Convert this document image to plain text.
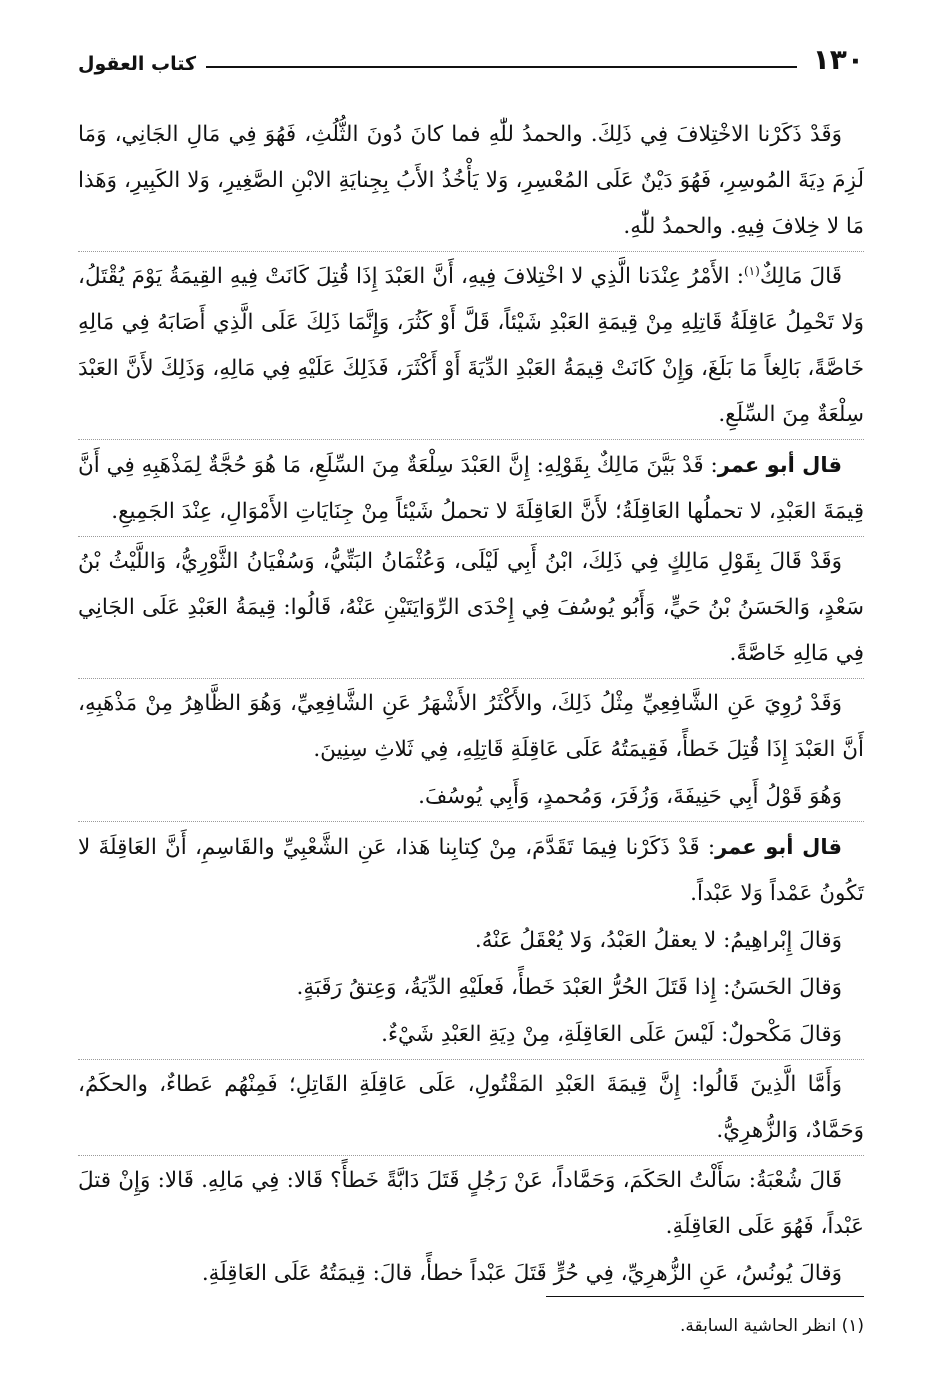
١٣٠
كتاب العقول

وَقَدْ ذَكَرْنا الاخْتِلافَ فِي ذَلِكَ. والحمدُ للّٰهِ فما كانَ دُونَ الثُّلُثِ، فَهُوَ فِي مَالِ الجَانِي، وَمَا لَزِمَ دِيَةَ المُوسِرِ، فَهُوَ دَيْنٌ عَلَى المُعْسِرِ، وَلا يَأْخُذُ الأَبُ بِجِنايَةِ الابْنِ الصَّغِيرِ، وَلا الكَبِيرِ، وَهَذا مَا لا خِلافَ فِيهِ. والحمدُ للّٰهِ.

قَالَ مَالِكٌ$^{(١)}$: الأَمْرُ عِنْدَنا الَّذِي لا اخْتِلافَ فِيهِ، أَنَّ العَبْدَ إِذَا قُتِلَ كَانَتْ فِيهِ القِيمَةُ يَوْمَ يُقْتَلُ، وَلا تَحْمِلُ عَاقِلَةُ قَاتِلِهِ مِنْ قِيمَةِ العَبْدِ شَيْئاً، قَلَّ أَوْ كَثُرَ، وَإِنَّمَا ذَلِكَ عَلَى الَّذِي أَصَابَهُ فِي مَالِهِ خَاصَّةً، بَالِغاً مَا بَلَغَ، وَإِنْ كَانَتْ قِيمَةُ العَبْدِ الدِّيَةَ أَوْ أَكْثَرَ، فَذَلِكَ عَلَيْهِ فِي مَالِهِ، وَذَلِكَ لأَنَّ العَبْدَ سِلْعَةٌ مِنَ السِّلَعِ.

قال أبو عمر: قَدْ بَيَّنَ مَالِكٌ بِقَوْلِهِ: إِنَّ العَبْدَ سِلْعَةٌ مِنَ السِّلَعِ، مَا هُوَ حُجَّةٌ لِمَذْهَبِهِ فِي أَنَّ قِيمَةَ العَبْدِ، لا تحملُها العَاقِلَةُ؛ لأَنَّ العَاقِلَةَ لا تحملُ شَيْئاً مِنْ جِنَايَاتِ الأَمْوَالِ، عِنْدَ الجَمِيعِ.

وَقَدْ قَالَ بِقَوْلِ مَالِكٍ فِي ذَلِكَ، ابْنُ أَبِي لَيْلَى، وَعُثْمَانُ البَتِّيُّ، وَسُفْيَانُ الثَّوْرِيُّ، وَاللَّيْثُ بْنُ سَعْدٍ، وَالحَسَنُ بْنُ حَيٍّ، وَأَبُو يُوسُفَ فِي إِحْدَى الرِّوَايَتَيْنِ عَنْهُ، قَالُوا: قِيمَةُ العَبْدِ عَلَى الجَانِي فِي مَالِهِ خَاصَّةً.

وَقَدْ رُوِيَ عَنِ الشَّافِعِيِّ مِثْلُ ذَلِكَ، والأَكْثَرُ الأَشْهَرُ عَنِ الشَّافِعِيِّ، وَهُوَ الظَّاهِرُ مِنْ مَذْهَبِهِ، أَنَّ العَبْدَ إِذَا قُتِلَ خَطأً، فَقِيمَتُهُ عَلَى عَاقِلَةِ قَاتِلِهِ، فِي ثَلاثِ سِنِينَ.

وَهُوَ قَوْلُ أَبِي حَنِيفَةَ، وَزُفَرَ، وَمُحمدٍ، وَأَبِي يُوسُفَ.

قال أبو عمر: قَدْ ذَكَرْنا فِيمَا تَقَدَّمَ، مِنْ كِتابِنا هَذا، عَنِ الشَّعْبِيِّ والقَاسِمِ، أَنَّ العَاقِلَةَ لا تَكُونُ عَمْداً وَلا عَبْداً.

وَقالَ إِبْراهِيمُ: لا يعقلُ العَبْدُ، وَلا يُعْقَلُ عَنْهُ.

وَقالَ الحَسَنُ: إِذا قَتَلَ الحُرُّ العَبْدَ خَطأً، فَعلَيْهِ الدِّيَةُ، وَعِتقُ رَقَبَةٍ.

وَقالَ مَكْحولٌ: لَيْسَ عَلَى العَاقِلَةِ، مِنْ دِيَةِ العَبْدِ شَيْءٌ.

وَأَمَّا الَّذِينَ قَالُوا: إِنَّ قِيمَةَ العَبْدِ المَقْتُولِ، عَلَى عَاقِلَةِ القَاتِلِ؛ فَمِنْهُم عَطاءٌ، والحكَمُ، وَحَمَّادٌ، وَالزُّهرِيُّ.

قَالَ شُعْبَةُ: سَأَلْتُ الحَكَمَ، وَحَمَّاداً، عَنْ رَجُلٍ قَتَلَ دَابَّةً خَطأً؟ قَالا: فِي مَالِهِ. قَالا: وَإِنْ قتلَ عَبْداً، فَهُوَ عَلَى العَاقِلَةِ.

وَقالَ يُونُسُ، عَنِ الزُّهرِيِّ، فِي حُرٍّ قَتَلَ عَبْداً خطأً، قالَ: قِيمَتُهُ عَلَى العَاقِلَةِ.

(١) انظر الحاشية السابقة.
